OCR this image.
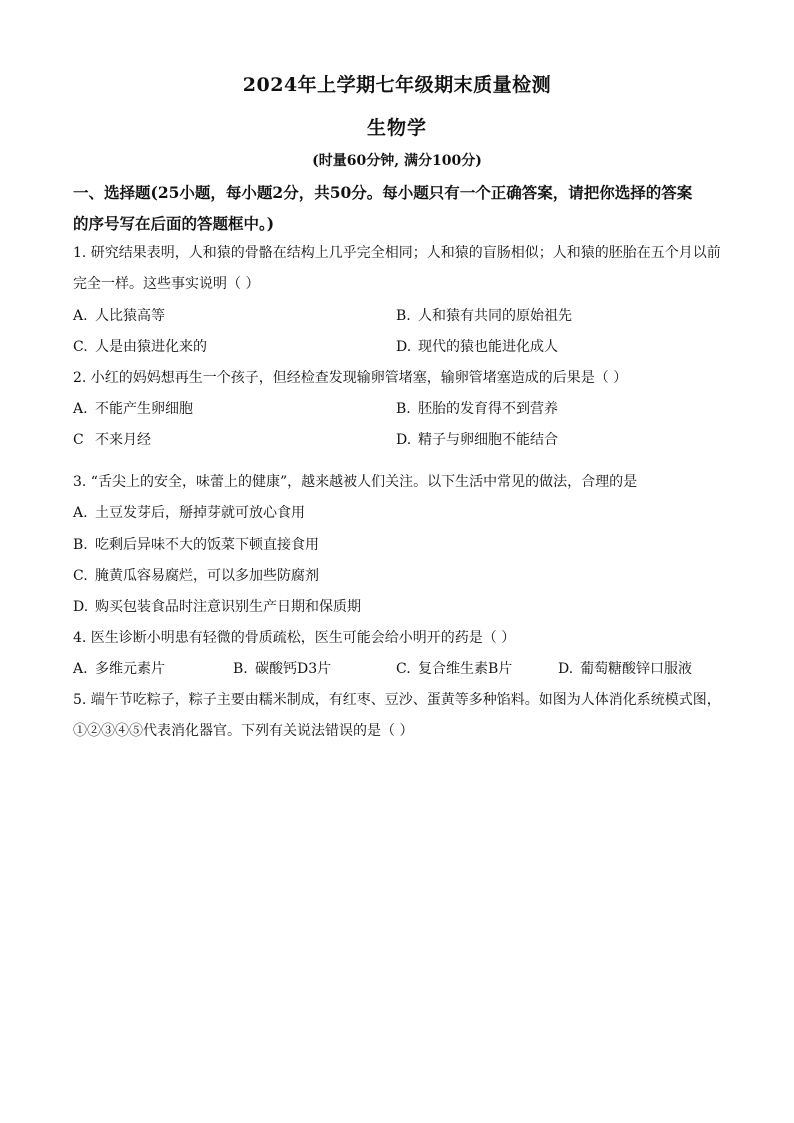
2024年上学期七年级期末质量检测
生物学
(时量60分钟, 满分100分)
一、选择题(25小题，每小题2分，共50分。每小题只有一个正确答案，请把你选择的答案
的序号写在后面的答题框中。)
1. 研究结果表明，人和猿的骨骼在结构上几乎完全相同；人和猿的盲肠相似；人和猿的胚胎在五个月以前
完全一样。这些事实说明（ ）
A. 人比猿高等	B. 人和猿有共同的原始祖先
C. 人是由猿进化来的	D. 现代的猿也能进化成人
2. 小红的妈妈想再生一个孩子，但经检查发现输卵管堵塞，输卵管堵塞造成的后果是（ ）
A. 不能产生卵细胞	B. 胚胎的发育得不到营养
C 不来月经	D. 精子与卵细胞不能结合
3. “舌尖上的安全，味蕾上的健康”，越来越被人们关注。以下生活中常见的做法，合理的是
A. 土豆发芽后，掰掉芽就可放心食用
B. 吃剩后异味不大的饭菜下顿直接食用
C. 腌黄瓜容易腐烂，可以多加些防腐剂
D. 购买包装食品时注意识别生产日期和保质期
4. 医生诊断小明患有轻微的骨质疏松，医生可能会给小明开的药是（ ）
A. 多维元素片	B. 碳酸钙D3片	C. 复合维生素B片	D. 葡萄糖酸锌口服液
5. 端午节吃粽子，粽子主要由糯米制成，有红枣、豆沙、蛋黄等多种馅料。如图为人体消化系统模式图，
①②③④⑤代表消化器官。下列有关说法错误的是（ ）
